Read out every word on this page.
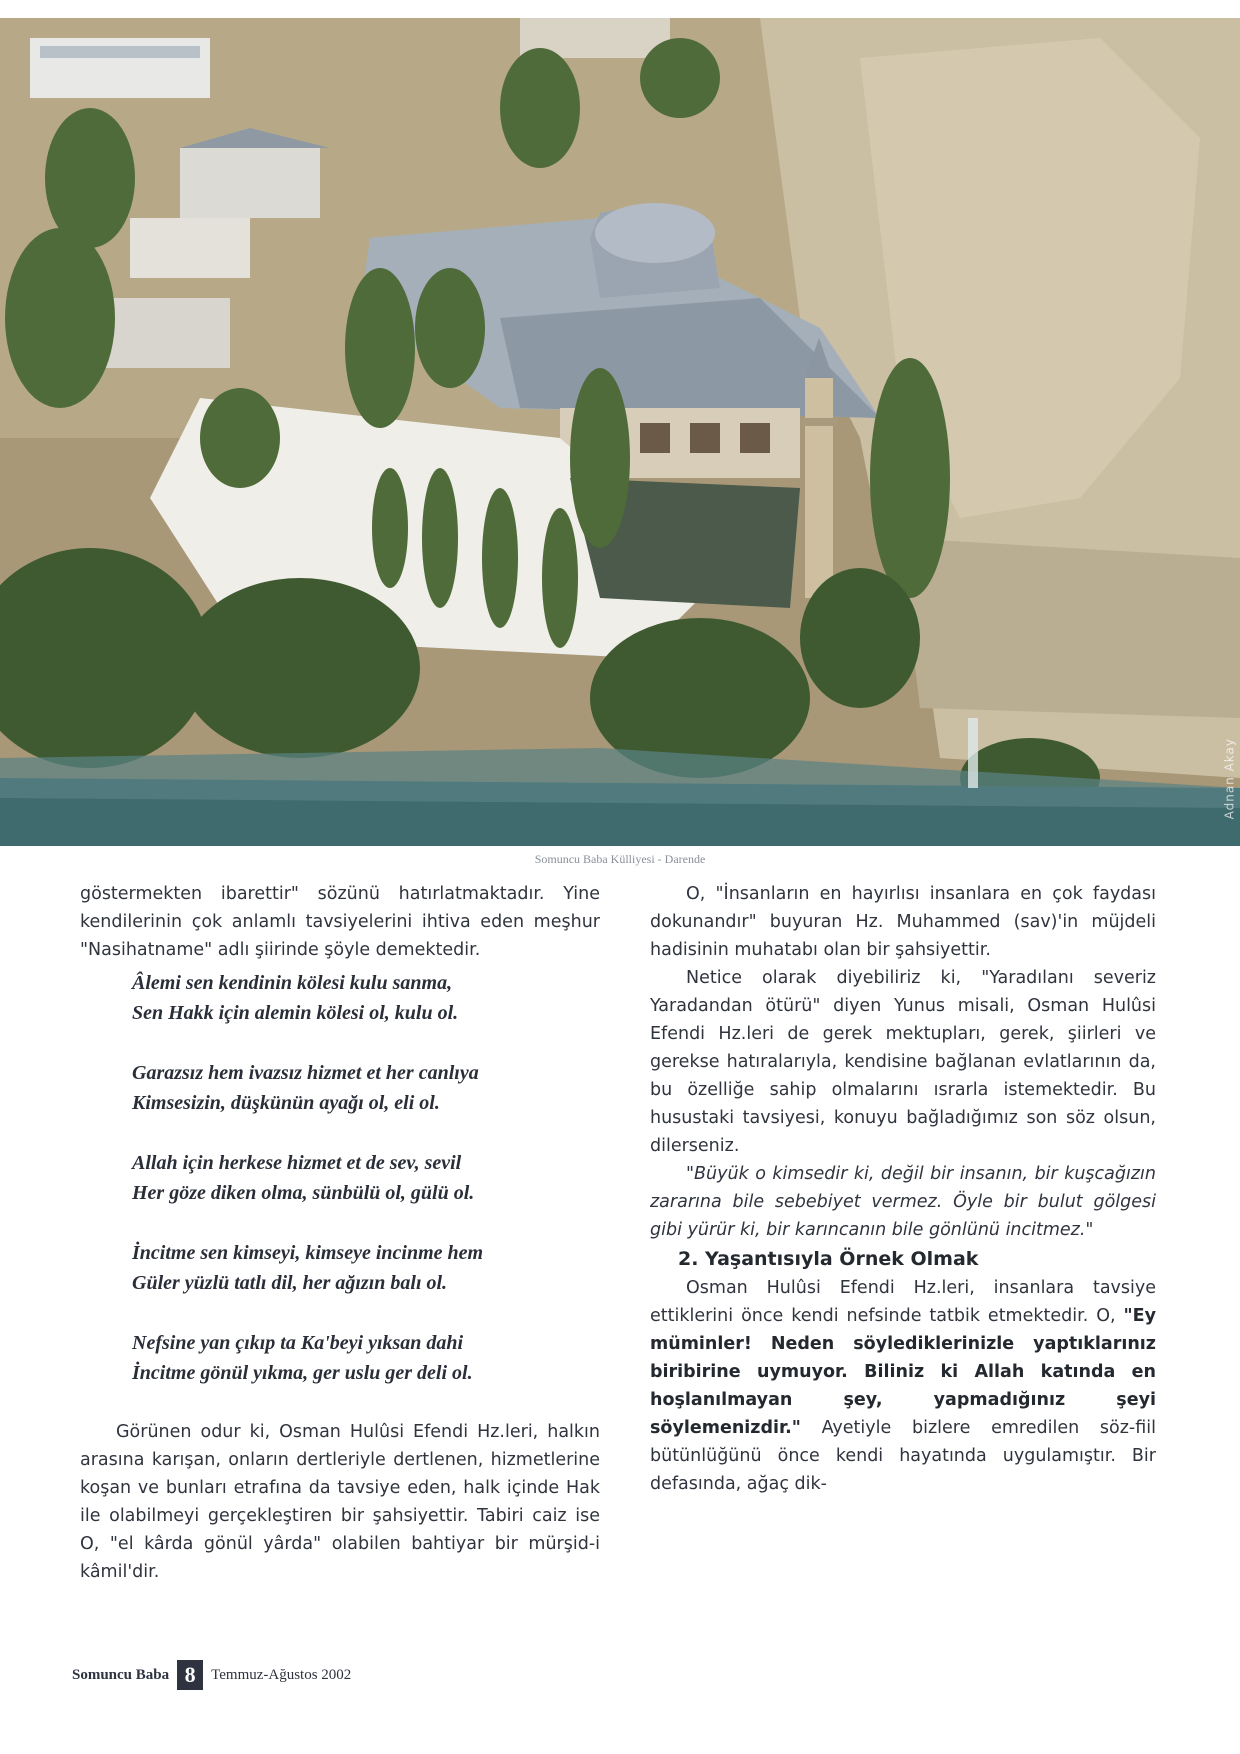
Adnan Akay
Somuncu Baba Külliyesi - Darende

göstermekten ibarettir" sözünü hatırlatmaktadır. Yine kendilerinin çok anlamlı tavsiyelerini ihtiva eden meşhur "Nasihatname" adlı şiirinde şöyle demektedir.

Âlemi sen kendinin kölesi kulu sanma,
Sen Hakk için alemin kölesi ol, kulu ol.
Garazsız hem ivazsız hizmet et her canlıya
Kimsesizin, düşkünün ayağı ol, eli ol.
Allah için herkese hizmet et de sev, sevil
Her göze diken olma, sünbülü ol, gülü ol.
İncitme sen kimseyi, kimseye incinme hem
Güler yüzlü tatlı dil, her ağızın balı ol.
Nefsine yan çıkıp ta Ka'beyi yıksan dahi
İncitme gönül yıkma, ger uslu ger deli ol.

Görünen odur ki, Osman Hulûsi Efendi Hz.leri, halkın arasına karışan, onların dertleriyle dertlenen, hizmetlerine koşan ve bunları etrafına da tavsiye eden, halk içinde Hak ile olabilmeyi gerçekleştiren bir şahsiyettir. Tabiri caiz ise O, "el kârda gönül yârda" olabilen bahtiyar bir mürşid-i kâmil'dir.

O, "İnsanların en hayırlısı insanlara en çok faydası dokunandır" buyuran Hz. Muhammed (sav)'in müjdeli hadisinin muhatabı olan bir şahsiyettir.

Netice olarak diyebiliriz ki, "Yaradılanı severiz Yaradandan ötürü" diyen Yunus misali, Osman Hulûsi Efendi Hz.leri de gerek mektupları, gerek, şiirleri ve gerekse hatıralarıyla, kendisine bağlanan evlatlarının da, bu özelliğe sahip olmalarını ısrarla istemektedir. Bu husustaki tavsiyesi, konuyu bağladığımız son söz olsun, dilerseniz.

"Büyük o kimsedir ki, değil bir insanın, bir kuşcağızın zararına bile sebebiyet vermez. Öyle bir bulut gölgesi gibi yürür ki, bir karıncanın bile gönlünü incitmez."

2. Yaşantısıyla Örnek Olmak

Osman Hulûsi Efendi Hz.leri, insanlara tavsiye ettiklerini önce kendi nefsinde tatbik etmektedir. O, "Ey müminler! Neden söylediklerinizle yaptıklarınız biribirine uymuyor. Biliniz ki Allah katında en hoşlanılmayan şey, yapmadığınız şeyi söylemenizdir." Ayetiyle bizlere emredilen söz-fiil bütünlüğünü önce kendi hayatında uygulamıştır. Bir defasında, ağaç dik-

Somuncu Baba 8	Temmuz-Ağustos 2002
